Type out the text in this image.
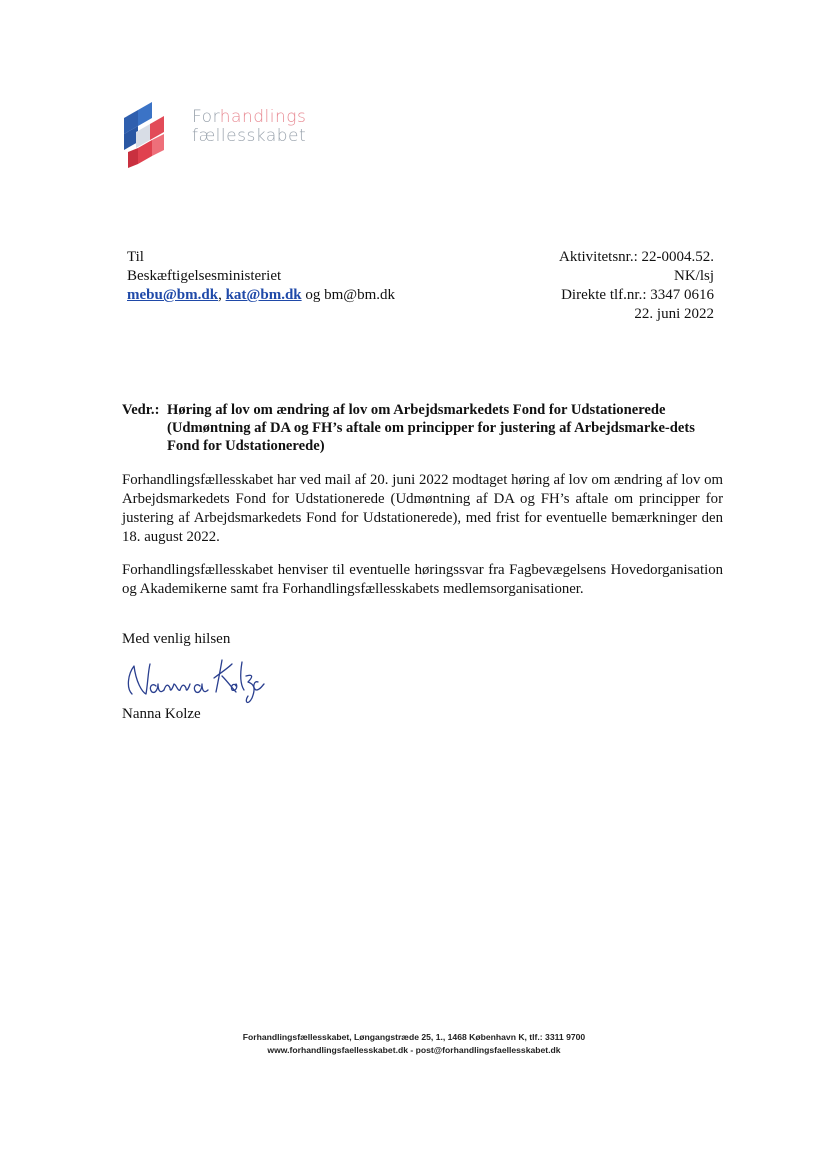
Forhandlings
fællesskabet
Til
Beskæftigelsesministeriet
mebu@bm.dk, kat@bm.dk og bm@bm.dk
Aktivitetsnr.: 22-0004.52.
NK/lsj
Direkte tlf.nr.: 3347 0616
22. juni 2022
Vedr.: Høring af lov om ændring af lov om Arbejdsmarkedets Fond for Udstationerede (Udmøntning af DA og FH’s aftale om principper for justering af Arbejdsmarke-dets Fond for Udstationerede)
Forhandlingsfællesskabet har ved mail af 20. juni 2022 modtaget høring af lov om ændring af lov om Arbejdsmarkedets Fond for Udstationerede (Udmøntning af DA og FH’s aftale om principper for justering af Arbejdsmarkedets Fond for Udstationerede), med frist for eventuelle bemærkninger den 18. august 2022.
Forhandlingsfællesskabet henviser til eventuelle høringssvar fra Fagbevægelsens Hovedorganisation og Akademikerne samt fra Forhandlingsfællesskabets medlemsorganisationer.
Med venlig hilsen
Nanna Kolze
Forhandlingsfællesskabet, Løngangstræde 25, 1., 1468 København K, tlf.: 3311 9700
www.forhandlingsfaellesskabet.dk - post@forhandlingsfaellesskabet.dk
